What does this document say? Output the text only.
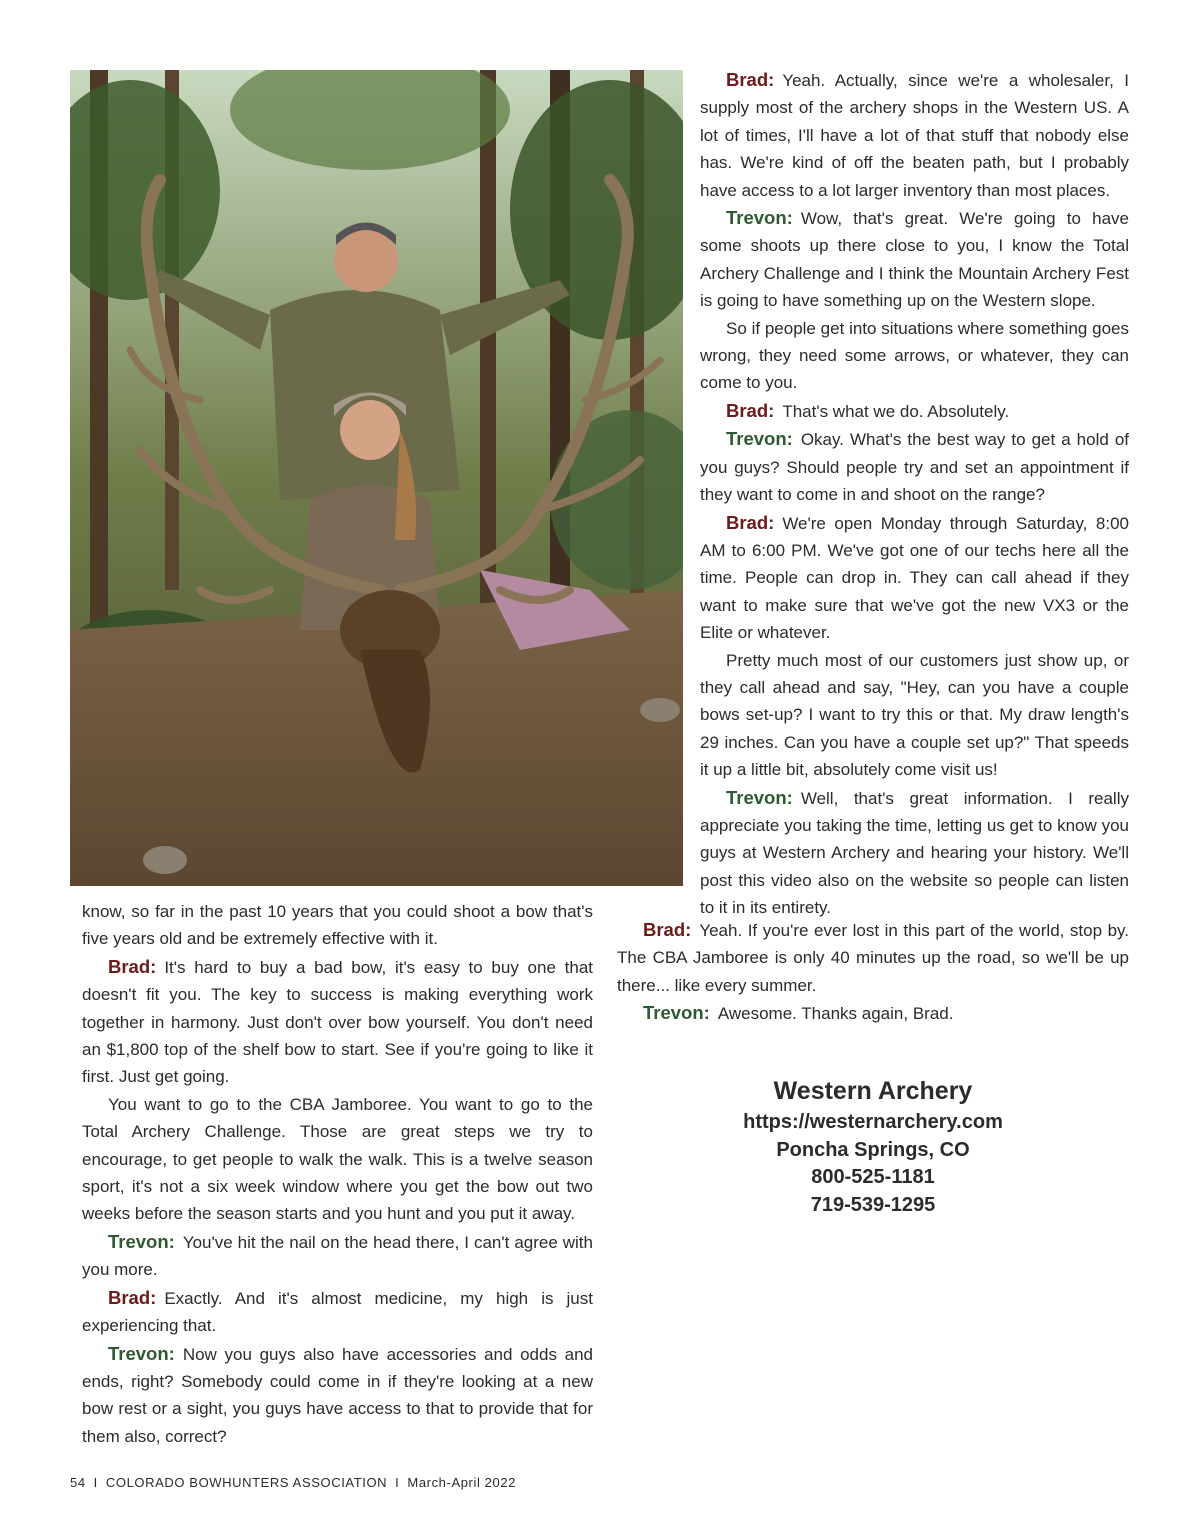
Brad: Yeah. Actually, since we're a wholesaler, I supply most of the archery shops in the Western US. A lot of times, I'll have a lot of that stuff that nobody else has. We're kind of off the beaten path, but I probably have access to a lot larger inventory than most places.

Trevon: Wow, that's great. We're going to have some shoots up there close to you, I know the Total Archery Challenge and I think the Mountain Archery Fest is going to have something up on the Western slope.

So if people get into situations where something goes wrong, they need some arrows, or whatever, they can come to you.

Brad: That's what we do. Absolutely.

Trevon: Okay. What's the best way to get a hold of you guys? Should people try and set an appointment if they want to come in and shoot on the range?

Brad: We're open Monday through Saturday, 8:00 AM to 6:00 PM. We've got one of our techs here all the time. People can drop in. They can call ahead if they want to make sure that we've got the new VX3 or the Elite or whatever.

Pretty much most of our customers just show up, or they call ahead and say, "Hey, can you have a couple bows set-up? I want to try this or that. My draw length's 29 inches. Can you have a couple set up?" That speeds it up a little bit, absolutely come visit us!

Trevon: Well, that's great information. I really appreciate you taking the time, letting us get to know you guys at Western Archery and hearing your history. We'll post this video also on the website so people can listen to it in its entirety.

Brad: Yeah. If you're ever lost in this part of the world, stop by. The CBA Jamboree is only 40 minutes up the road, so we'll be up there... like every summer.

Trevon: Awesome. Thanks again, Brad.

know, so far in the past 10 years that you could shoot a bow that's five years old and be extremely effective with it.

Brad: It's hard to buy a bad bow, it's easy to buy one that doesn't fit you. The key to success is making everything work together in harmony. Just don't over bow yourself. You don't need an $1,800 top of the shelf bow to start. See if you're going to like it first. Just get going.

You want to go to the CBA Jamboree. You want to go to the Total Archery Challenge. Those are great steps we try to encourage, to get people to walk the walk. This is a twelve season sport, it's not a six week window where you get the bow out two weeks before the season starts and you hunt and you put it away.

Trevon: You've hit the nail on the head there, I can't agree with you more.

Brad: Exactly. And it's almost medicine, my high is just experiencing that.

Trevon: Now you guys also have accessories and odds and ends, right? Somebody could come in if they're looking at a new bow rest or a sight, you guys have access to that to provide that for them also, correct?

Western Archery
https://westernarchery.com
Poncha Springs, CO
800-525-1181
719-539-1295
54 I COLORADO BOWHUNTERS ASSOCIATION I March-April 2022
